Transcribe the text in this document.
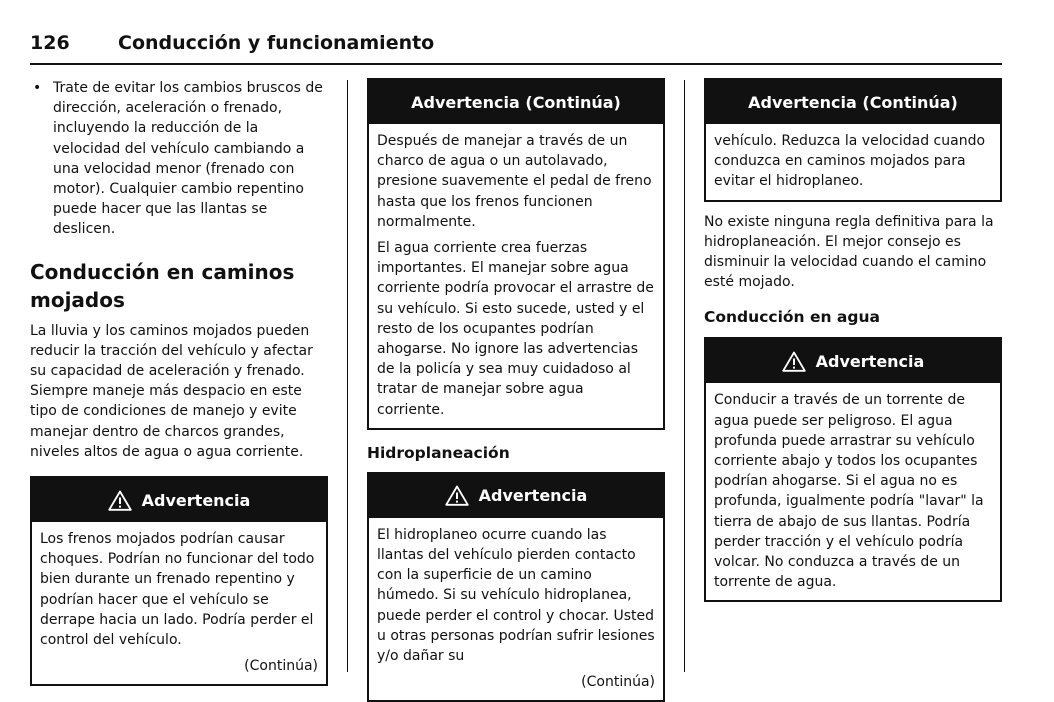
126	Conducción y funcionamiento

• Trate de evitar los cambios bruscos de dirección, aceleración o frenado, incluyendo la reducción de la velocidad del vehículo cambiando a una velocidad menor (frenado con motor). Cualquier cambio repentino puede hacer que las llantas se deslicen.

Conducción en caminos mojados

La lluvia y los caminos mojados pueden reducir la tracción del vehículo y afectar su capacidad de aceleración y frenado. Siempre maneje más despacio en este tipo de condiciones de manejo y evite manejar dentro de charcos grandes, niveles altos de agua o agua corriente.

Advertencia

Los frenos mojados podrían causar choques. Podrían no funcionar del todo bien durante un frenado repentino y podrían hacer que el vehículo se derrape hacia un lado. Podría perder el control del vehículo.

(Continúa)

Advertencia (Continúa)

Después de manejar a través de un charco de agua o un autolavado, presione suavemente el pedal de freno hasta que los frenos funcionen normalmente.

El agua corriente crea fuerzas importantes. El manejar sobre agua corriente podría provocar el arrastre de su vehículo. Si esto sucede, usted y el resto de los ocupantes podrían ahogarse. No ignore las advertencias de la policía y sea muy cuidadoso al tratar de manejar sobre agua corriente.

Hidroplaneación
Advertencia

El hidroplaneo ocurre cuando las llantas del vehículo pierden contacto con la superficie de un camino húmedo. Si su vehículo hidroplanea, puede perder el control y chocar. Usted u otras personas podrían sufrir lesiones y/o dañar su

(Continúa)

Advertencia (Continúa)

vehículo. Reduzca la velocidad cuando conduzca en caminos mojados para evitar el hidroplaneo.

No existe ninguna regla definitiva para la hidroplaneación. El mejor consejo es disminuir la velocidad cuando el camino esté mojado.

Conducción en agua
Advertencia

Conducir a través de un torrente de agua puede ser peligroso. El agua profunda puede arrastrar su vehículo corriente abajo y todos los ocupantes podrían ahogarse. Si el agua no es profunda, igualmente podría "lavar" la tierra de abajo de sus llantas. Podría perder tracción y el vehículo podría volcar. No conduzca a través de un torrente de agua.
